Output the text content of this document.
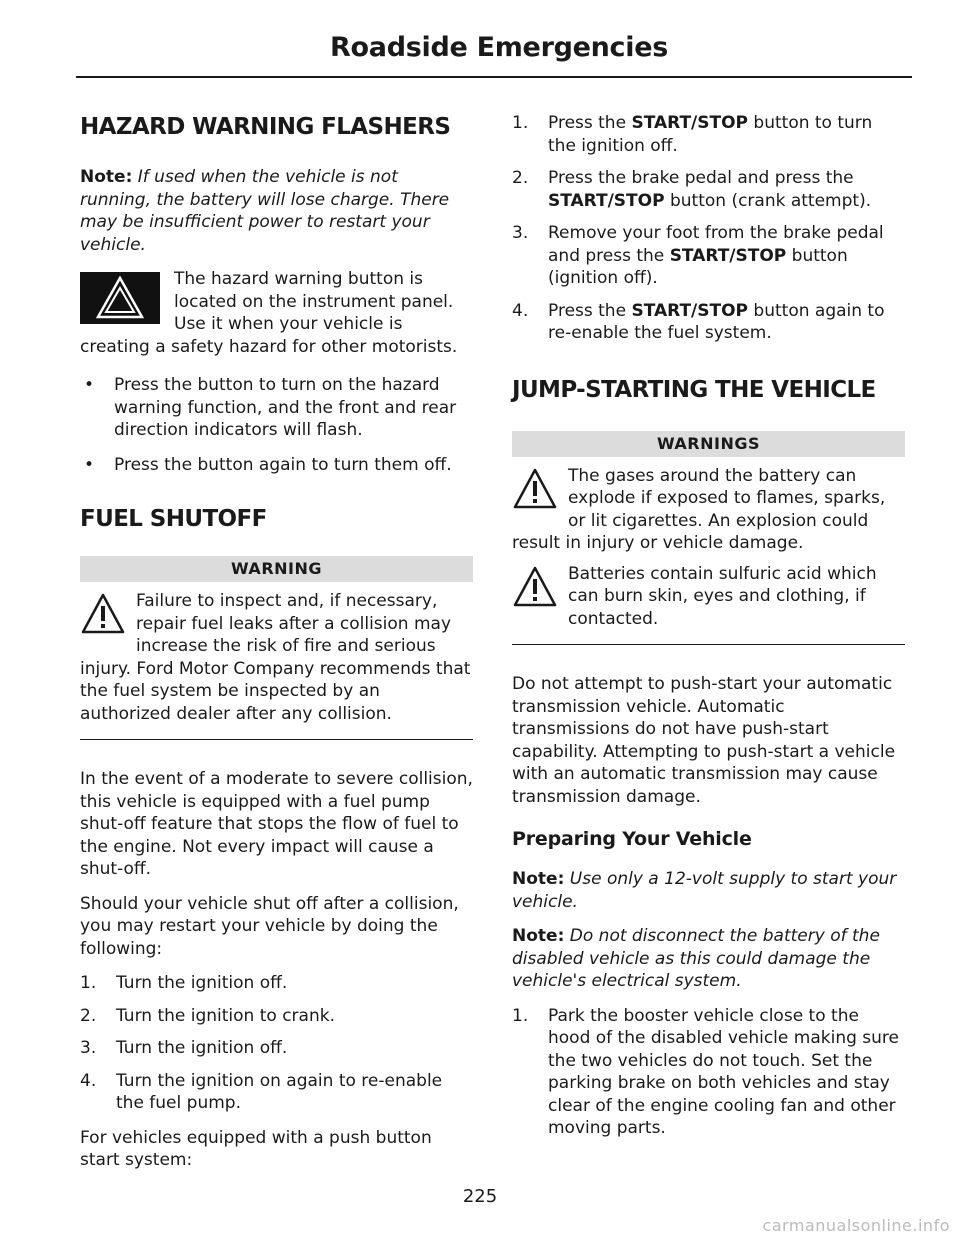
Roadside Emergencies
HAZARD WARNING FLASHERS

Note: If used when the vehicle is not running, the battery will lose charge. There may be insufficient power to restart your vehicle.

The hazard warning button is located on the instrument panel. Use it when your vehicle is creating a safety hazard for other motorists.

• Press the button to turn on the hazard warning function, and the front and rear direction indicators will flash.
• Press the button again to turn them off.
FUEL SHUTOFF
WARNING
Failure to inspect and, if necessary, repair fuel leaks after a collision may increase the risk of fire and serious injury. Ford Motor Company recommends that the fuel system be inspected by an authorized dealer after any collision.

In the event of a moderate to severe collision, this vehicle is equipped with a fuel pump shut-off feature that stops the flow of fuel to the engine. Not every impact will cause a shut-off.

Should your vehicle shut off after a collision, you may restart your vehicle by doing the following:

1. Turn the ignition off.
2. Turn the ignition to crank.
3. Turn the ignition off.
4. Turn the ignition on again to re-enable the fuel pump.

For vehicles equipped with a push button start system:

1. Press the START/STOP button to turn the ignition off.
2. Press the brake pedal and press the START/STOP button (crank attempt).
3. Remove your foot from the brake pedal and press the START/STOP button (ignition off).
4. Press the START/STOP button again to re-enable the fuel system.
JUMP-STARTING THE VEHICLE
WARNINGS
The gases around the battery can explode if exposed to flames, sparks, or lit cigarettes. An explosion could result in injury or vehicle damage.
Batteries contain sulfuric acid which can burn skin, eyes and clothing, if contacted.

Do not attempt to push-start your automatic transmission vehicle. Automatic transmissions do not have push-start capability. Attempting to push-start a vehicle with an automatic transmission may cause transmission damage.

Preparing Your Vehicle

Note: Use only a 12-volt supply to start your vehicle.

Note: Do not disconnect the battery of the disabled vehicle as this could damage the vehicle's electrical system.

1. Park the booster vehicle close to the hood of the disabled vehicle making sure the two vehicles do not touch. Set the parking brake on both vehicles and stay clear of the engine cooling fan and other moving parts.
225
carmanualsonline.info
